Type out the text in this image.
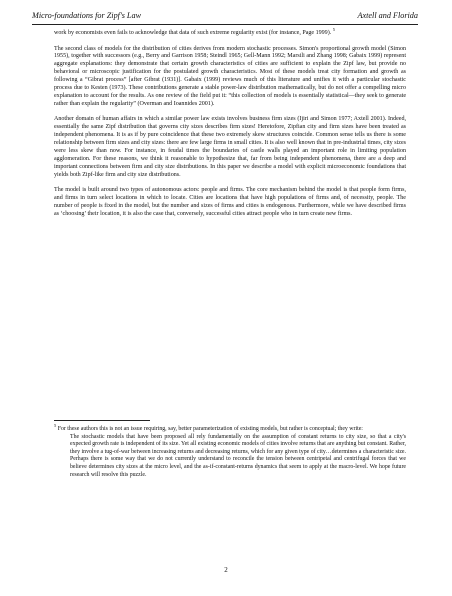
Micro-foundations for Zipf's Law	Axtell and Florida

work by economists even fails to acknowledge that data of such extreme regularity exist (for instance, Page 1999). $^5$

The second class of models for the distribution of cities derives from modern stochastic processes. Simon's proportional growth model (Simon 1955), together with successors (e.g., Berry and Garrison 1958; Steindl 1965; Gell-Mann 1992; Marsili and Zhang 1998; Gabaix 1999) represent aggregate explanations: they demonstrate that certain growth characteristics of cities are sufficient to explain the Zipf law, but provide no behavioral or microscopic justification for the postulated growth characteristics. Most of these models treat city formation and growth as following a “Gibrat process” [after Gibrat (1931)]. Gabaix (1999) reviews much of this literature and unifies it with a particular stochastic process due to Kesten (1973). These contributions generate a stable power-law distribution mathematically, but do not offer a compelling micro explanation to account for the results. As one review of the field put it: “this collection of models is essentially statistical—they seek to generate rather than explain the regularity” (Overman and Ioannides 2001).

Another domain of human affairs in which a similar power law exists involves business firm sizes (Ijiri and Simon 1977; Axtell 2001). Indeed, essentially the same Zipf distribution that governs city sizes describes firm sizes! Heretofore, Zipfian city and firm sizes have been treated as independent phenomena. It is as if by pure coincidence that these two extremely skew structures coincide. Common sense tells us there is some relationship between firm sizes and city sizes: there are few large firms in small cities. It is also well known that in pre-industrial times, city sizes were less skew than now. For instance, in feudal times the boundaries of castle walls played an important role in limiting population agglomeration. For these reasons, we think it reasonable to hypothesize that, far from being independent phenomena, there are a deep and important connections between firm and city size distributions. In this paper we describe a model with explicit microeconomic foundations that yields both Zipf-like firm and city size distributions.

The model is built around two types of autonomous actors: people and firms. The core mechanism behind the model is that people form firms, and firms in turn select locations in which to locate. Cities are locations that have high populations of firms and, of necessity, people. The number of people is fixed in the model, but the number and sizes of firms and cities is endogenous. Furthermore, while we have described firms as ‘choosing’ their location, it is also the case that, conversely, successful cities attract people who in turn create new firms.

$^5$ For these authors this is not an issue requiring, say, better parameterization of existing models, but rather is conceptual; they write:

The stochastic models that have been proposed all rely fundamentally on the assumption of constant returns to city size, so that a city's expected growth rate is independent of its size. Yet all existing economic models of cities involve returns that are anything but constant. Rather, they involve a tug-of-war between increasing returns and decreasing returns, which for any given type of city…determines a characteristic size. Perhaps there is some way that we do not currently understand to reconcile the tension between centripetal and centrifugal forces that we believe determines city sizes at the micro level, and the as-if-constant-returns dynamics that seem to apply at the macro-level. We hope future research will resolve this puzzle.

2
